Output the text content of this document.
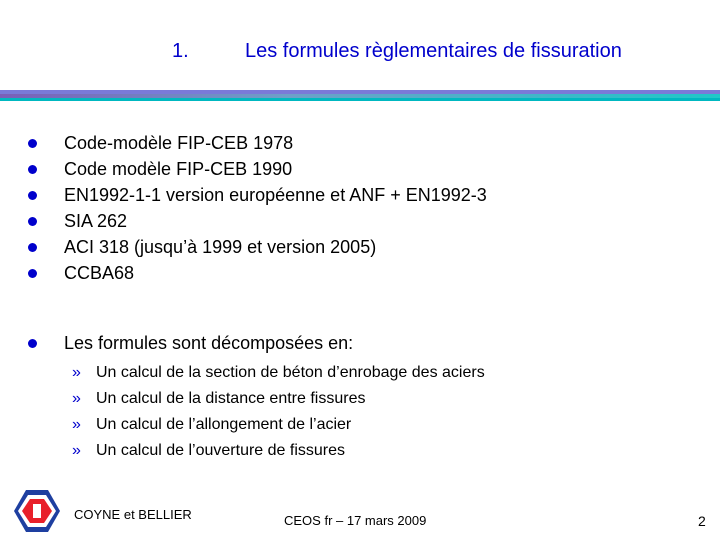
1.	Les formules règlementaires de fissuration
Code-modèle FIP-CEB 1978
Code modèle FIP-CEB 1990
EN1992-1-1 version européenne et ANF + EN1992-3
SIA 262
ACI 318 (jusqu’à 1999 et version 2005)
CCBA68
Les formules sont décomposées en:
» Un calcul de la section de béton d’enrobage des aciers
» Un calcul de la distance entre fissures
» Un calcul de l’allongement de l’acier
» Un calcul de l’ouverture de fissures
COYNE et BELLIER	CEOS fr – 17 mars 2009	2
